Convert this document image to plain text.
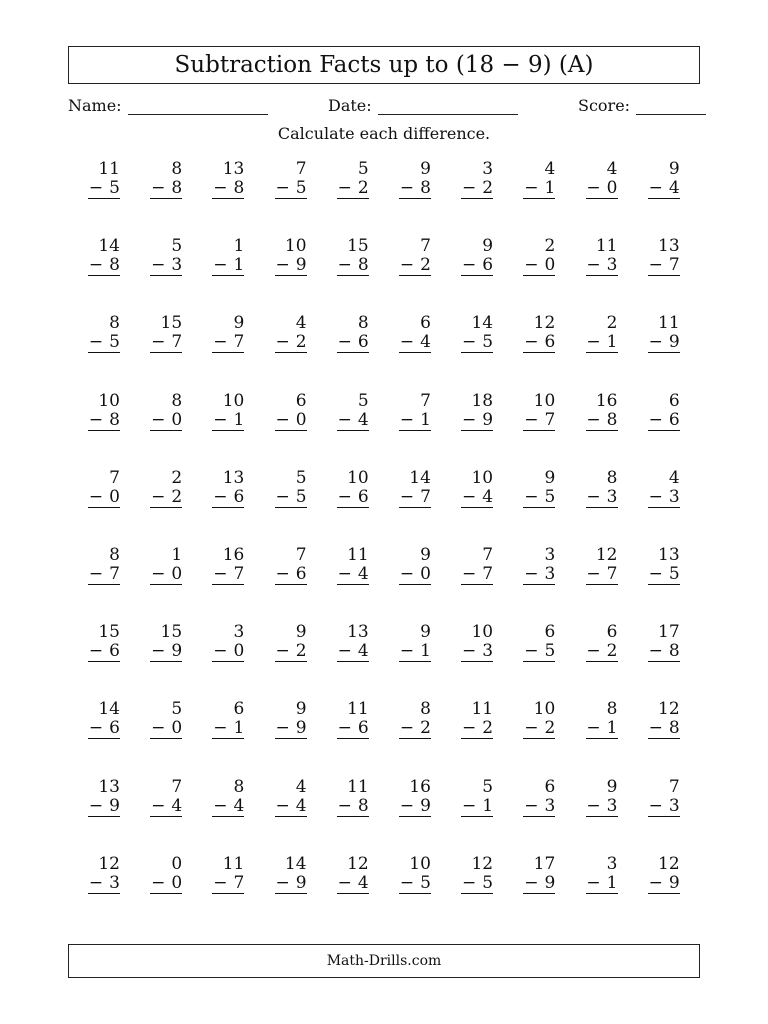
Subtraction Facts up to (18 − 9) (A)
Name:	Date:	Score:
Calculate each difference.
11
− 5
8
− 8
13
− 8
7
− 5
5
− 2
9
− 8
3
− 2
4
− 1
4
− 0
9
− 4
14
− 8
5
− 3
1
− 1
10
− 9
15
− 8
7
− 2
9
− 6
2
− 0
11
− 3
13
− 7
8
− 5
15
− 7
9
− 7
4
− 2
8
− 6
6
− 4
14
− 5
12
− 6
2
− 1
11
− 9
10
− 8
8
− 0
10
− 1
6
− 0
5
− 4
7
− 1
18
− 9
10
− 7
16
− 8
6
− 6
7
− 0
2
− 2
13
− 6
5
− 5
10
− 6
14
− 7
10
− 4
9
− 5
8
− 3
4
− 3
8
− 7
1
− 0
16
− 7
7
− 6
11
− 4
9
− 0
7
− 7
3
− 3
12
− 7
13
− 5
15
− 6
15
− 9
3
− 0
9
− 2
13
− 4
9
− 1
10
− 3
6
− 5
6
− 2
17
− 8
14
− 6
5
− 0
6
− 1
9
− 9
11
− 6
8
− 2
11
− 2
10
− 2
8
− 1
12
− 8
13
− 9
7
− 4
8
− 4
4
− 4
11
− 8
16
− 9
5
− 1
6
− 3
9
− 3
7
− 3
12
− 3
0
− 0
11
− 7
14
− 9
12
− 4
10
− 5
12
− 5
17
− 9
3
− 1
12
− 9
Math-Drills.com
